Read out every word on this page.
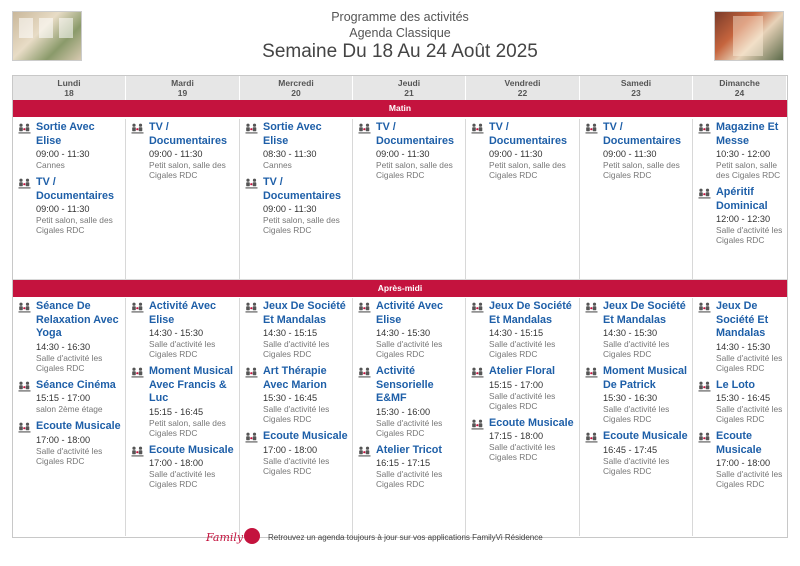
Programme des activités
Agenda Classique
Semaine Du 18 Au 24 Août 2025
Lundi
18
Mardi
19
Mercredi
20
Jeudi
21
Vendredi
22
Samedi
23
Dimanche
24
Matin
Sortie Avec Elise
09:00 - 11:30
Cannes
TV / Documentaires
09:00 - 11:30
Petit salon, salle des Cigales RDC
TV / Documentaires
09:00 - 11:30
Petit salon, salle des Cigales RDC
Sortie Avec Elise
08:30 - 11:30
Cannes
TV / Documentaires
09:00 - 11:30
Petit salon, salle des Cigales RDC
TV / Documentaires
09:00 - 11:30
Petit salon, salle des Cigales RDC
TV / Documentaires
09:00 - 11:30
Petit salon, salle des Cigales RDC
TV / Documentaires
09:00 - 11:30
Petit salon, salle des Cigales RDC
Magazine Et Messe
10:30 - 12:00
Petit salon, salle des Cigales RDC
Apéritif Dominical
12:00 - 12:30
Salle d'activité les Cigales RDC
Après-midi
Séance De Relaxation Avec Yoga
14:30 - 16:30
Salle d'activité les Cigales RDC
Séance Cinéma
15:15 - 17:00
salon 2ème étage
Ecoute Musicale
17:00 - 18:00
Salle d'activité les Cigales RDC
Activité Avec Elise
14:30 - 15:30
Salle d'activité les Cigales RDC
Moment Musical Avec Francis & Luc
15:15 - 16:45
Petit salon, salle des Cigales RDC
Ecoute Musicale
17:00 - 18:00
Salle d'activité les Cigales RDC
Jeux De Société Et Mandalas
14:30 - 15:15
Salle d'activité les Cigales RDC
Art Thérapie Avec Marion
15:30 - 16:45
Salle d'activité les Cigales RDC
Ecoute Musicale
17:00 - 18:00
Salle d'activité les Cigales RDC
Activité Avec Elise
14:30 - 15:30
Salle d'activité les Cigales RDC
Activité Sensorielle E&MF
15:30 - 16:00
Salle d'activité les Cigales RDC
Atelier Tricot
16:15 - 17:15
Salle d'activité les Cigales RDC
Jeux De Société Et Mandalas
14:30 - 15:15
Salle d'activité les Cigales RDC
Atelier Floral
15:15 - 17:00
Salle d'activité les Cigales RDC
Ecoute Musicale
17:15 - 18:00
Salle d'activité les Cigales RDC
Jeux De Société Et Mandalas
14:30 - 15:30
Salle d'activité les Cigales RDC
Moment Musical De Patrick
15:30 - 16:30
Salle d'activité les Cigales RDC
Ecoute Musicale
16:45 - 17:45
Salle d'activité les Cigales RDC
Jeux De Société Et Mandalas
14:30 - 15:30
Salle d'activité les Cigales RDC
Le Loto
15:30 - 16:45
Salle d'activité les Cigales RDC
Ecoute Musicale
17:00 - 18:00
Salle d'activité les Cigales RDC
Family	Retrouvez un agenda toujours à jour sur vos applications FamilyVi Résidence
